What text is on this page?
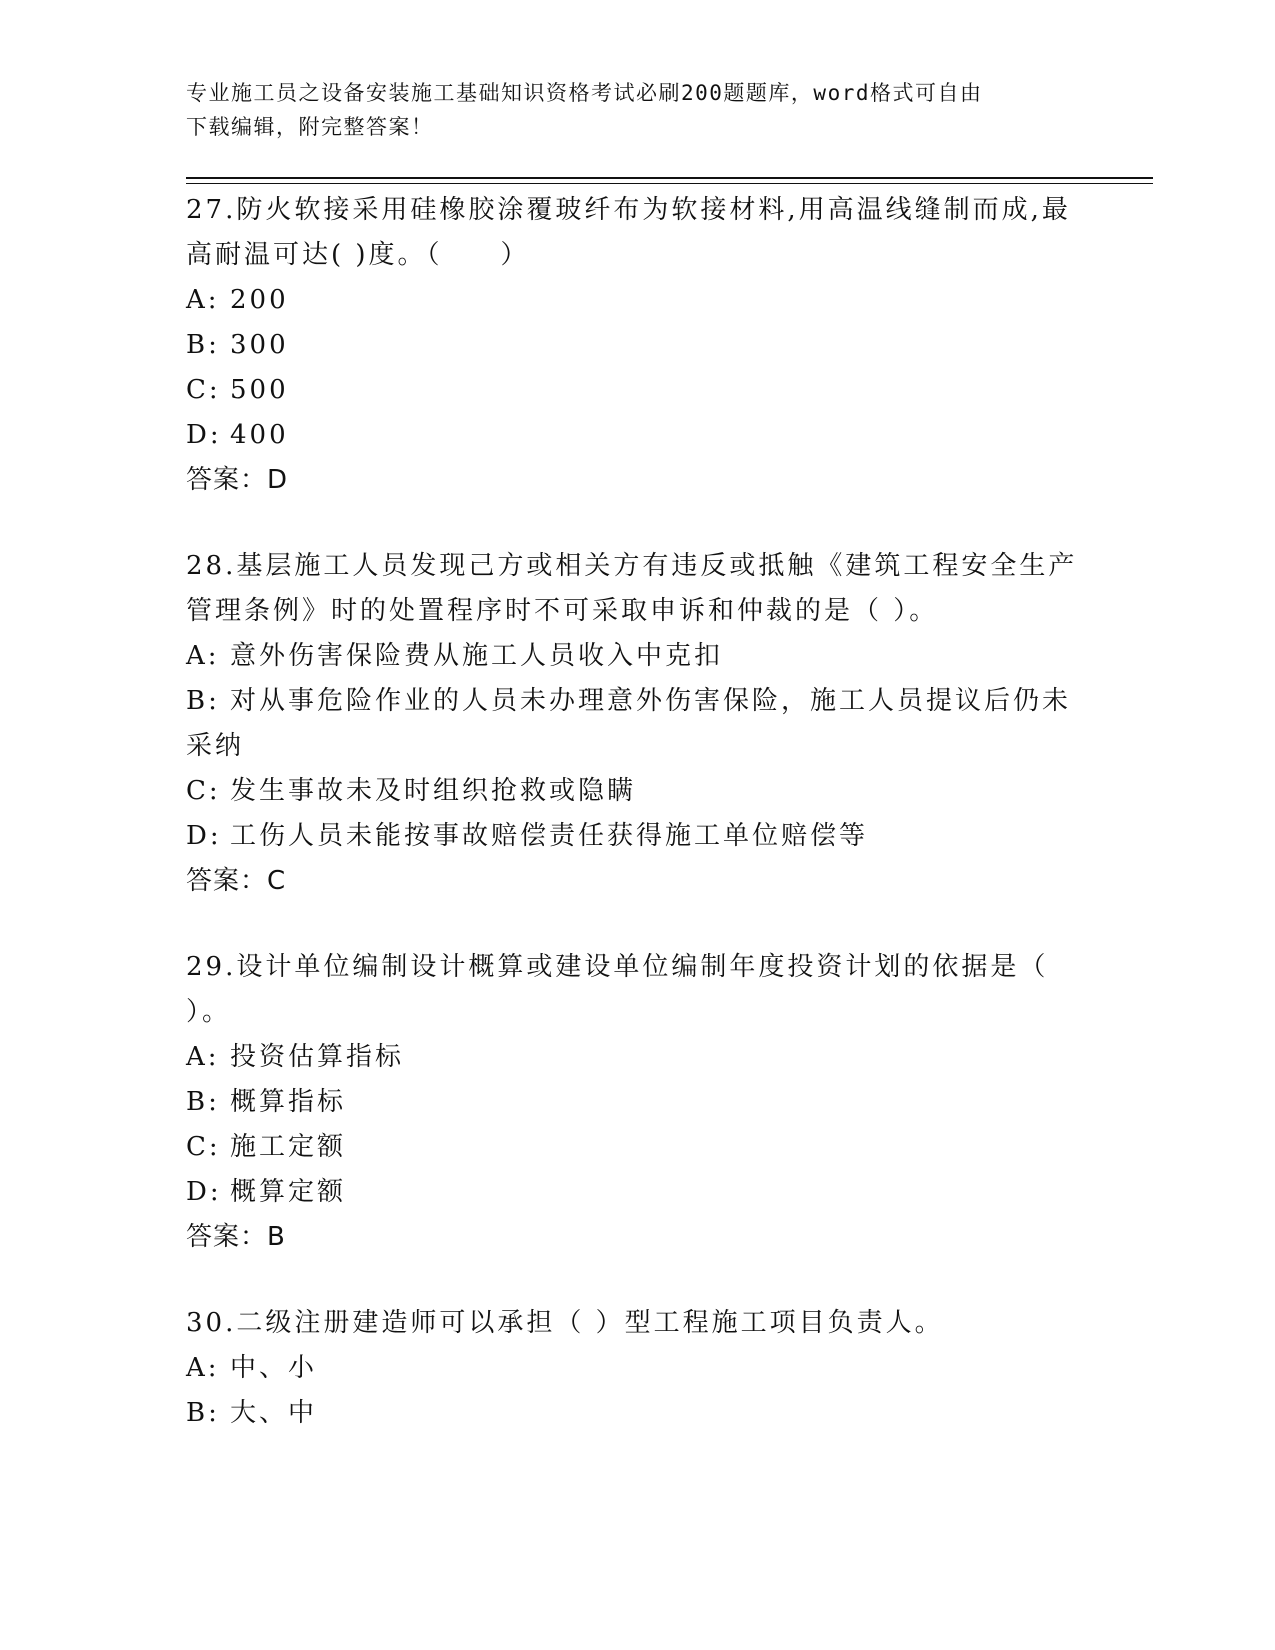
专业施工员之设备安装施工基础知识资格考试必刷200题题库，word格式可自由
下载编辑，附完整答案！

27.防火软接采用硅橡胶涂覆玻纤布为软接材料,用高温线缝制而成,最
高耐温可达( )度。（　　）

A: 200

B: 300

C: 500

D: 400

答案：D

28.基层施工人员发现己方或相关方有违反或抵触《建筑工程安全生产
管理条例》时的处置程序时不可采取申诉和仲裁的是（ ）。

A: 意外伤害保险费从施工人员收入中克扣

B: 对从事危险作业的人员未办理意外伤害保险，施工人员提议后仍未
采纳

C: 发生事故未及时组织抢救或隐瞒

D: 工伤人员未能按事故赔偿责任获得施工单位赔偿等

答案：C

29.设计单位编制设计概算或建设单位编制年度投资计划的依据是（
）。

A: 投资估算指标

B: 概算指标

C: 施工定额

D: 概算定额

答案：B

30.二级注册建造师可以承担（ ）型工程施工项目负责人。

A: 中、小

B: 大、中
